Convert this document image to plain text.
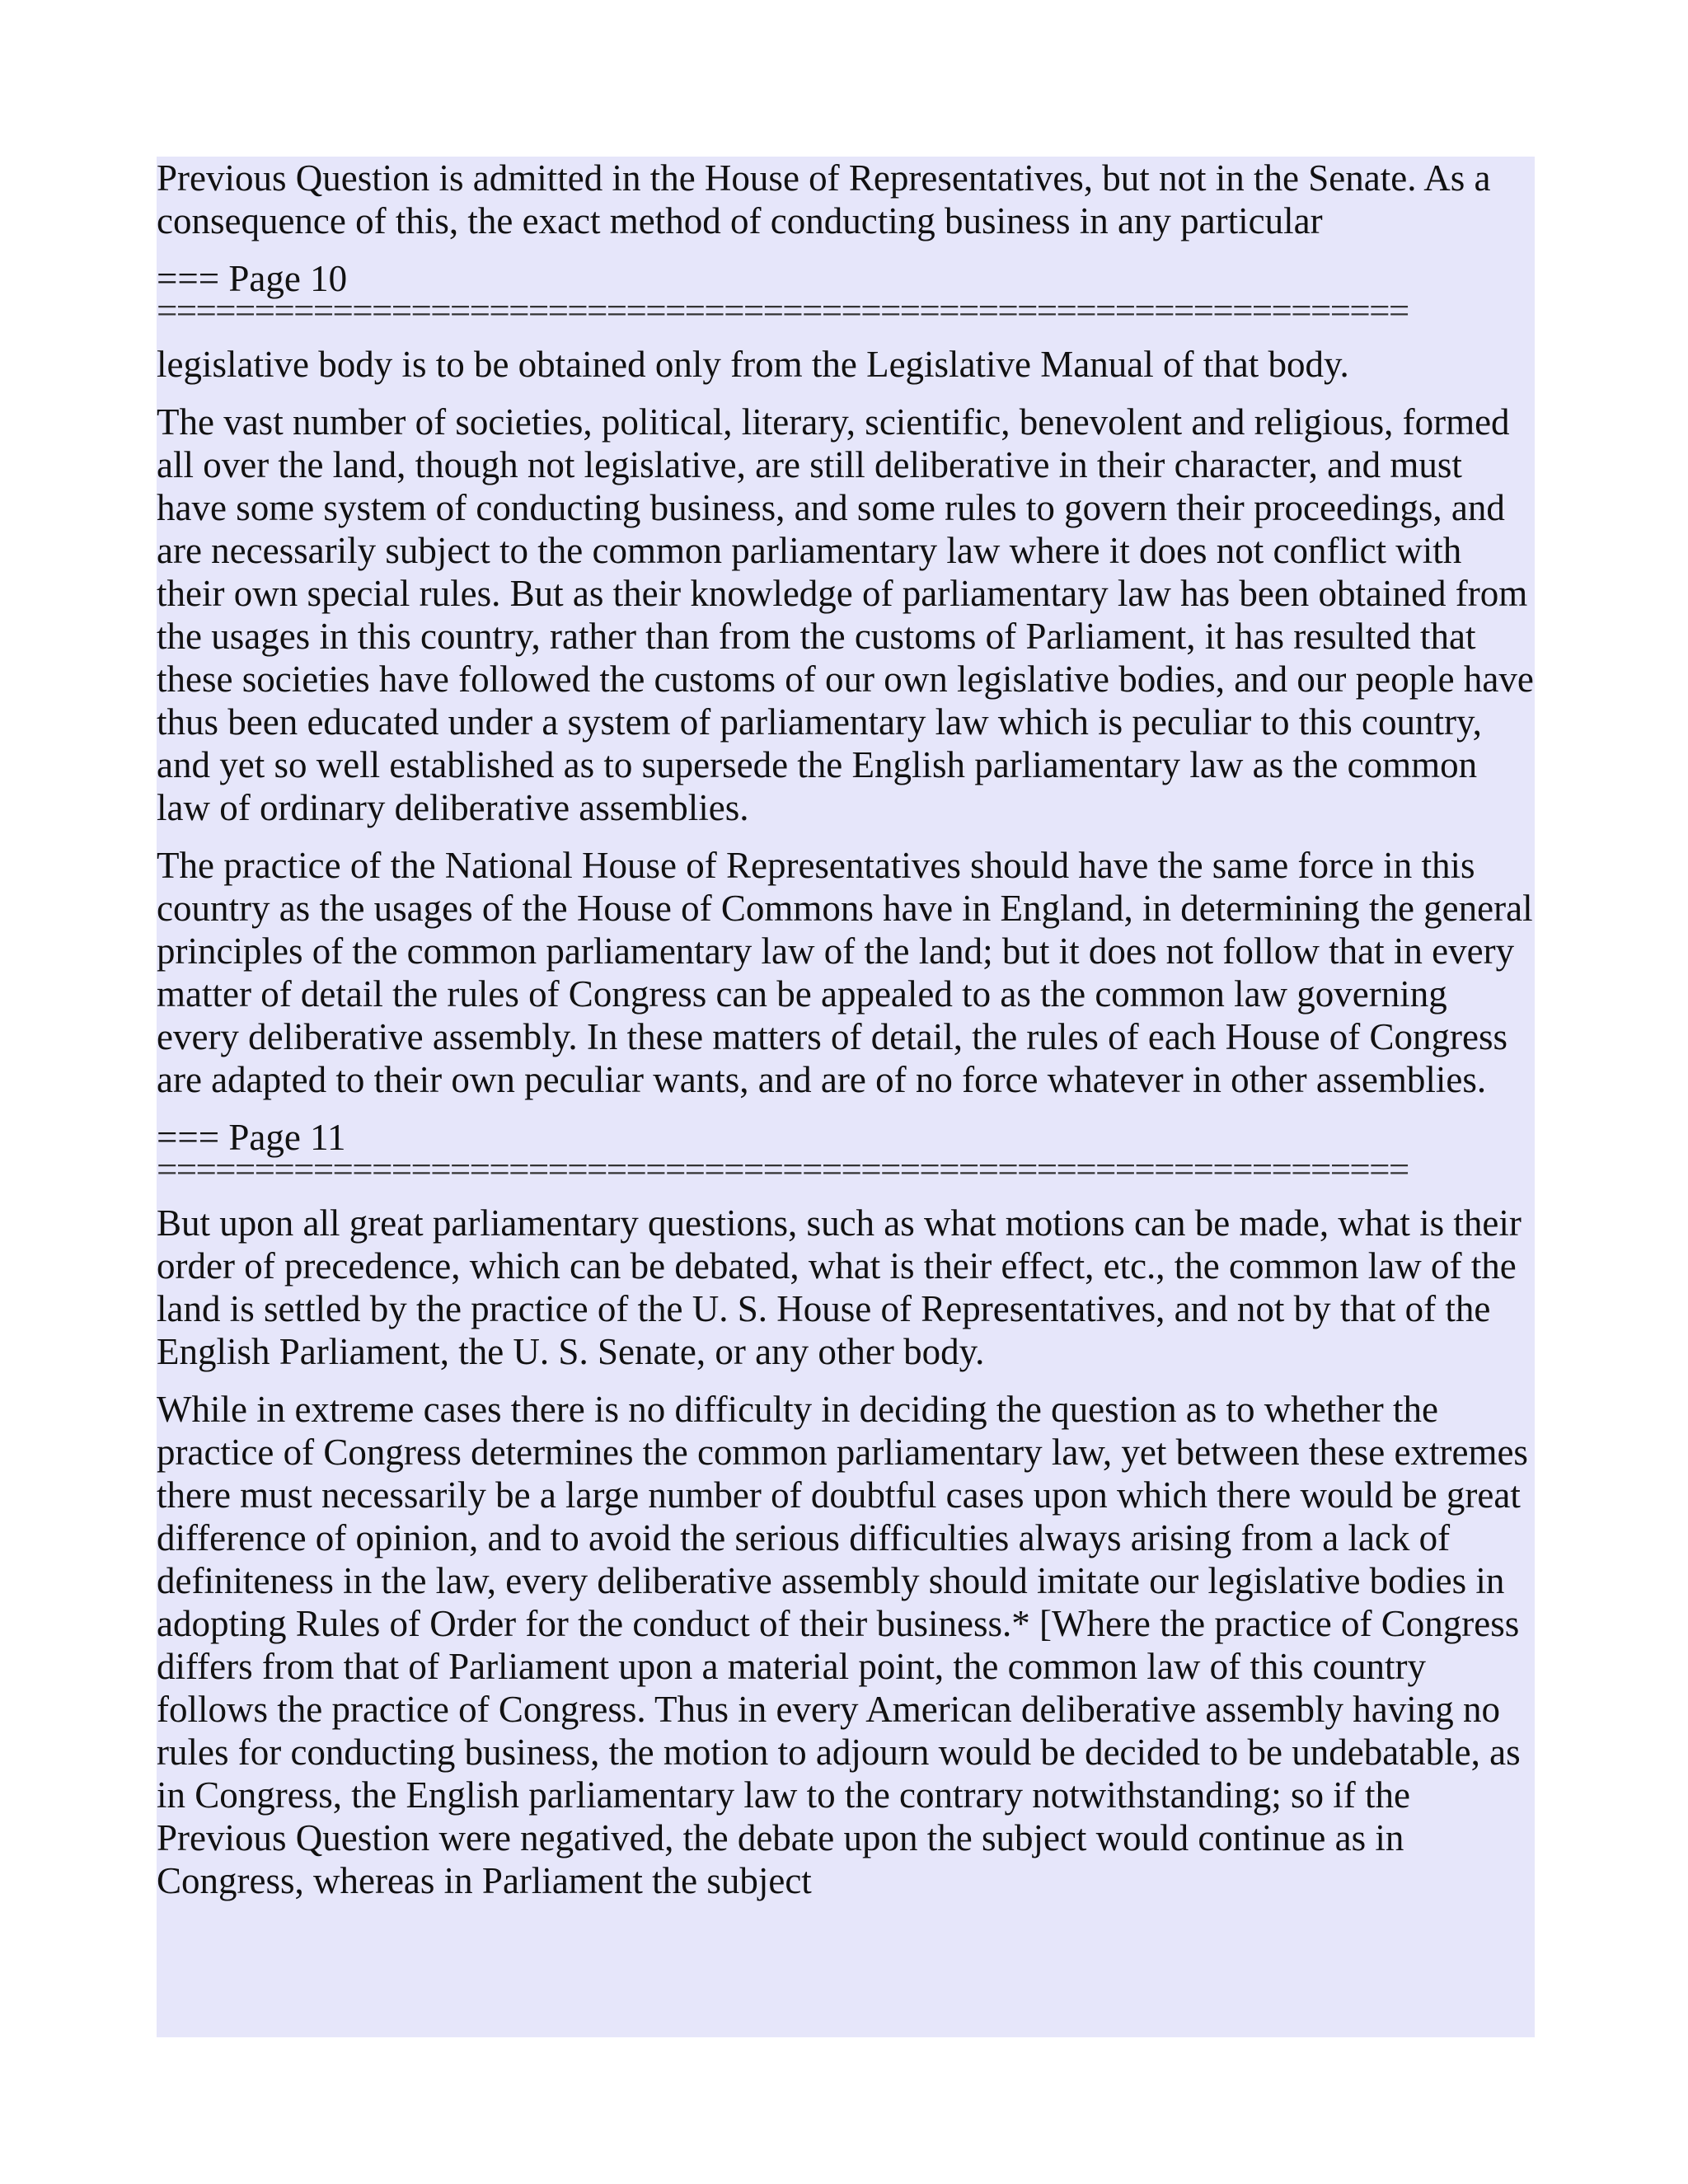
Previous Question is admitted in the House of Representatives, but not in the Senate. As a consequence of this, the exact method of conducting business in any particular

=== Page 10
================================================================

legislative body is to be obtained only from the Legislative Manual of that body.

The vast number of societies, political, literary, scientific, benevolent and religious, formed all over the land, though not legislative, are still deliberative in their character, and must have some system of conducting business, and some rules to govern their proceedings, and are necessarily subject to the common parliamentary law where it does not conflict with their own special rules. But as their knowledge of parliamentary law has been obtained from the usages in this country, rather than from the customs of Parliament, it has resulted that these societies have followed the customs of our own legislative bodies, and our people have thus been educated under a system of parliamentary law which is peculiar to this country, and yet so well established as to supersede the English parliamentary law as the common law of ordinary deliberative assemblies.

The practice of the National House of Representatives should have the same force in this country as the usages of the House of Commons have in England, in determining the general principles of the common parliamentary law of the land; but it does not follow that in every matter of detail the rules of Congress can be appealed to as the common law governing every deliberative assembly. In these matters of detail, the rules of each House of Congress are adapted to their own peculiar wants, and are of no force whatever in other assemblies.

=== Page 11
================================================================

But upon all great parliamentary questions, such as what motions can be made, what is their order of precedence, which can be debated, what is their effect, etc., the common law of the land is settled by the practice of the U. S. House of Representatives, and not by that of the English Parliament, the U. S. Senate, or any other body.

While in extreme cases there is no difficulty in deciding the question as to whether the practice of Congress determines the common parliamentary law, yet between these extremes there must necessarily be a large number of doubtful cases upon which there would be great difference of opinion, and to avoid the serious difficulties always arising from a lack of definiteness in the law, every deliberative assembly should imitate our legislative bodies in adopting Rules of Order for the conduct of their business.* [Where the practice of Congress differs from that of Parliament upon a material point, the common law of this country follows the practice of Congress. Thus in every American deliberative assembly having no rules for conducting business, the motion to adjourn would be decided to be undebatable, as in Congress, the English parliamentary law to the contrary notwithstanding; so if the Previous Question were negatived, the debate upon the subject would continue as in Congress, whereas in Parliament the subject
